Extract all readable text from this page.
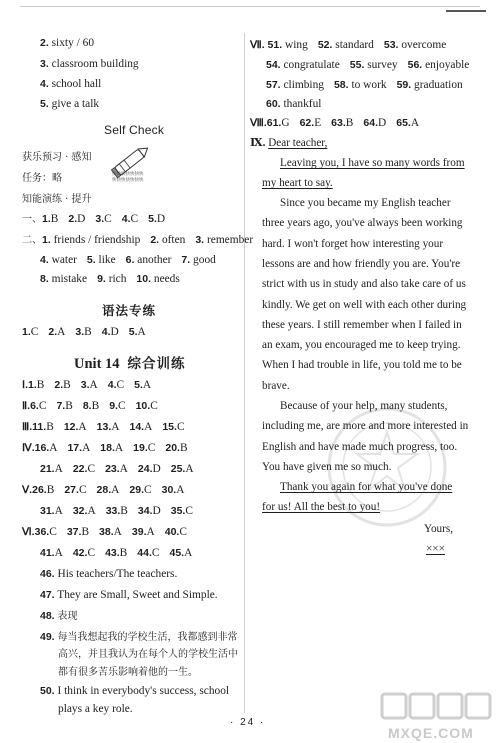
2. sixty / 60
3. classroom building
4. school hall
5. give a talk
Self Check
快快快快快快快
快快快快快快快
获乐预习 · 感知
任务：略
知能演练 · 提升
一、1.B 2.D 3.C 4.C 5.D
二、1. friends / friendship 2. often 3. remember
4. water 5. like 6. another 7. good
8. mistake 9. rich 10. needs
语法专练
1.C 2.A 3.B 4.D 5.A
Unit 14 综合训练
Ⅰ.1.B 2.B 3.A 4.C 5.A
Ⅱ.6.C 7.B 8.B 9.C 10.C
Ⅲ.11.B 12.A 13.A 14.A 15.C
Ⅳ.16.A 17.A 18.A 19.C 20.B
21.A 22.C 23.A 24.D 25.A
Ⅴ.26.B 27.C 28.A 29.C 30.A
31.A 32.A 33.B 34.D 35.C
Ⅵ.36.C 37.B 38.A 39.A 40.C
41.A 42.C 43.B 44.C 45.A
46. His teachers/The teachers.
47. They are Small, Sweet and Simple.
48. 表现
49. 每当我想起我的学校生活，我都感到非常
高兴，并且我认为在每个人的学校生活中
都有很多苦乐影响着他的一生。
50. I think in everybody's success, school
plays a key role.
Ⅶ. 51. wing 52. standard 53. overcome
54. congratulate 55. survey 56. enjoyable
57. climbing 58. to work 59. graduation
60. thankful
Ⅷ.61.G 62.E 63.B 64.D 65.A

Ⅸ. Dear teacher,

Leaving you, I have so many words from

my heart to say.

Since you became my English teacher

three years ago, you've always been working

hard. I won't forget how interesting your

lessons are and how friendly you are. You're

strict with us in study and also take care of us

kindly. We get on well with each other during

these years. I still remember when I failed in

an exam, you encouraged me to keep trying.

When I had trouble in life, you told me to be

brave.

Because of your help, many students,

including me, are more and more interested in

English and have made much progress, too.

You have given me so much.

Thank you again for what you've done

for us! All the best to you!

Yours,

×××

· 24 ·
MXQE.COM
